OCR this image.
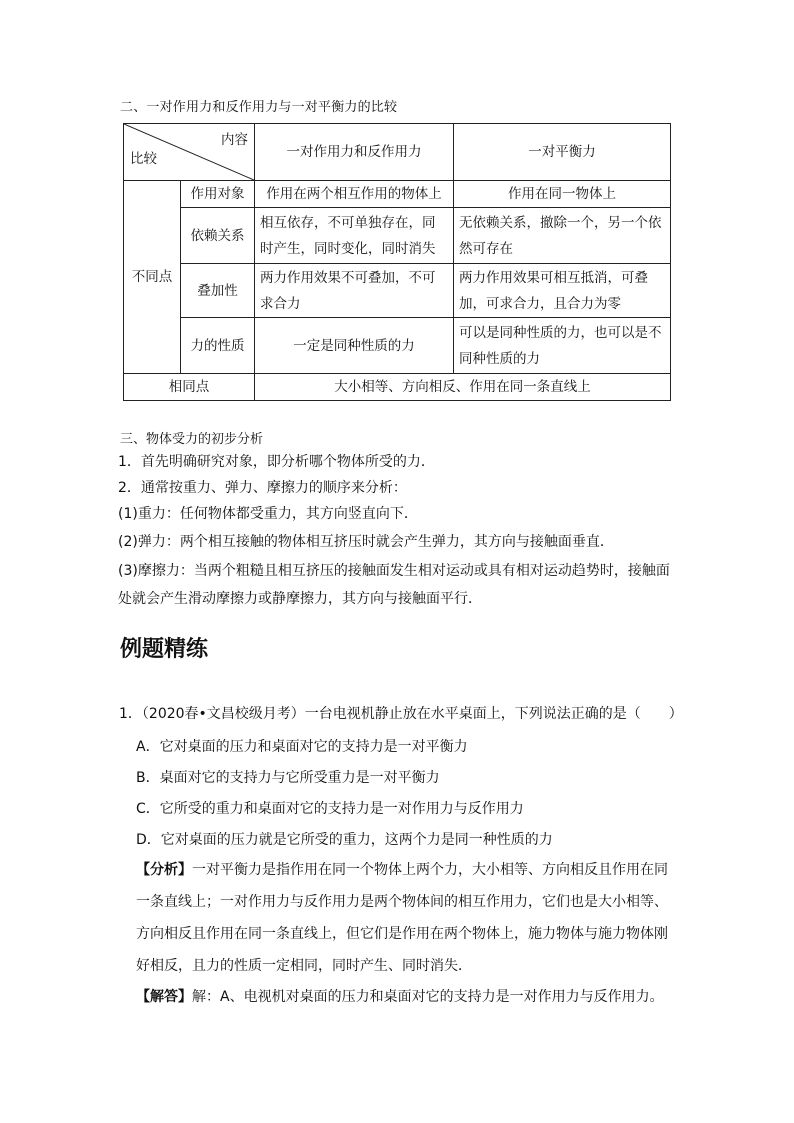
二、一对作用力和反作用力与一对平衡力的比较
内容
比较		一对作用力和反作用力	一对平衡力
不同点	作用对象	作用在两个相互作用的物体上	作用在同一物体上
	依赖关系	相互依存，不可单独存在，同时产生，同时变化，同时消失	无依赖关系，撤除一个，另一个依然可存在
	叠加性	两力作用效果不可叠加，不可求合力	两力作用效果可相互抵消，可叠加，可求合力，且合力为零
	力的性质	一定是同种性质的力	可以是同种性质的力，也可以是不同种性质的力
相同点		大小相等、方向相反、作用在同一条直线上	
三、物体受力的初步分析
1．首先明确研究对象，即分析哪个物体所受的力．
2．通常按重力、弹力、摩擦力的顺序来分析：
(1)重力：任何物体都受重力，其方向竖直向下．
(2)弹力：两个相互接触的物体相互挤压时就会产生弹力，其方向与接触面垂直．
(3)摩擦力：当两个粗糙且相互挤压的接触面发生相对运动或具有相对运动趋势时，接触面处就会产生滑动摩擦力或静摩擦力，其方向与接触面平行．
例题精练
1．（2020春•文昌校级月考）一台电视机静止放在水平桌面上，下列说法正确的是（　　）
A．它对桌面的压力和桌面对它的支持力是一对平衡力
B．桌面对它的支持力与它所受重力是一对平衡力
C．它所受的重力和桌面对它的支持力是一对作用力与反作用力
D．它对桌面的压力就是它所受的重力，这两个力是同一种性质的力
【分析】一对平衡力是指作用在同一个物体上两个力，大小相等、方向相反且作用在同一条直线上；一对作用力与反作用力是两个物体间的相互作用力，它们也是大小相等、方向相反且作用在同一条直线上，但它们是作用在两个物体上，施力物体与施力物体刚好相反，且力的性质一定相同，同时产生、同时消失．
【解答】解：A、电视机对桌面的压力和桌面对它的支持力是一对作用力与反作用力。
